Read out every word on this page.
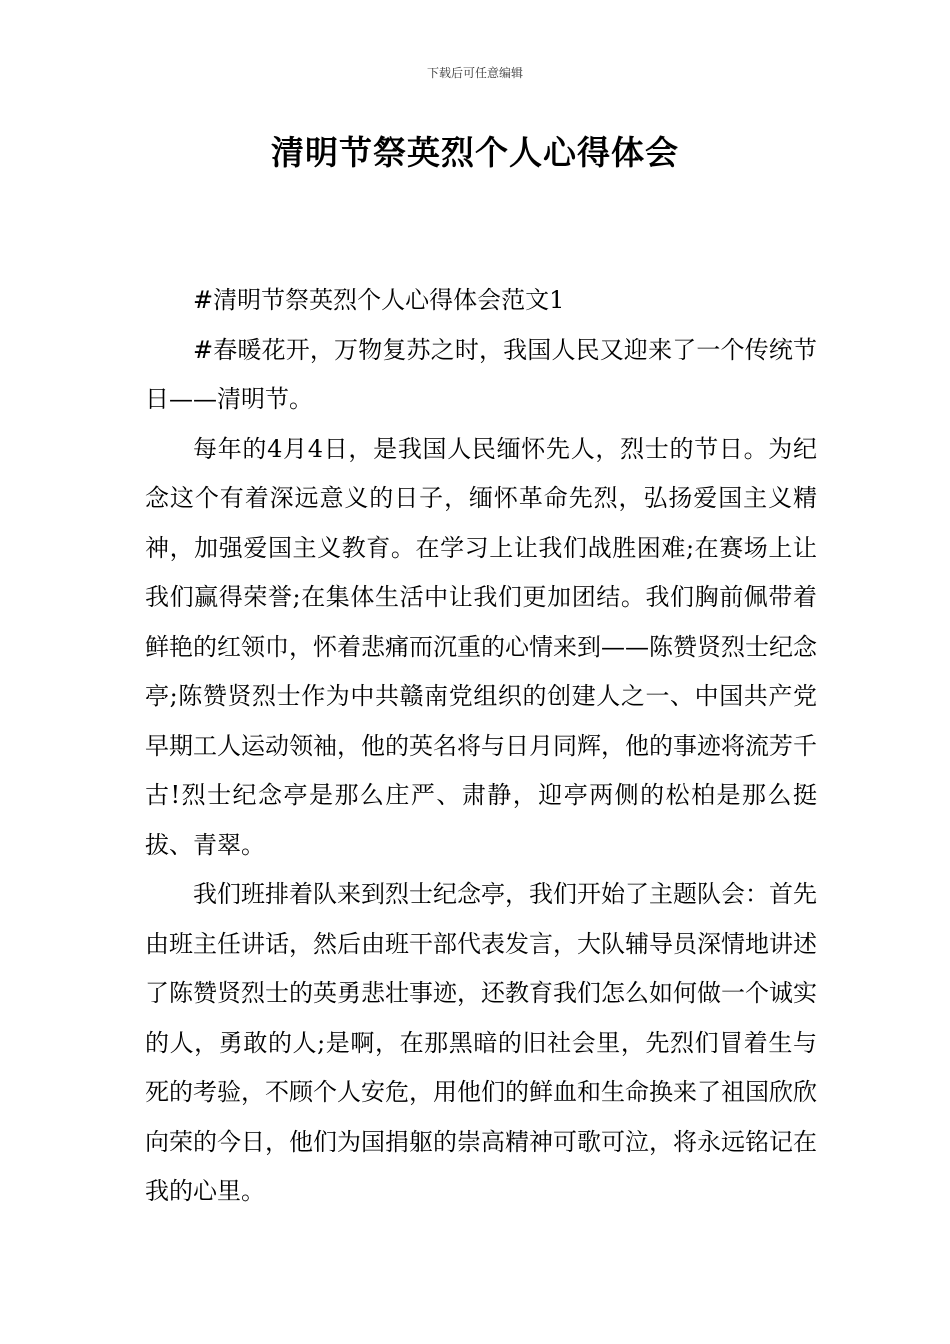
下载后可任意编辑
清明节祭英烈个人心得体会

#清明节祭英烈个人心得体会范文1

#春暖花开，万物复苏之时，我国人民又迎来了一个传统节日——清明节。

每年的4月4日，是我国人民缅怀先人，烈士的节日。为纪念这个有着深远意义的日子，缅怀革命先烈，弘扬爱国主义精神，加强爱国主义教育。在学习上让我们战胜困难;在赛场上让我们赢得荣誉;在集体生活中让我们更加团结。我们胸前佩带着鲜艳的红领巾，怀着悲痛而沉重的心情来到——陈赞贤烈士纪念亭;陈赞贤烈士作为中共赣南党组织的创建人之一、中国共产党早期工人运动领袖，他的英名将与日月同辉，他的事迹将流芳千古!烈士纪念亭是那么庄严、肃静，迎亭两侧的松柏是那么挺拔、青翠。

我们班排着队来到烈士纪念亭，我们开始了主题队会：首先由班主任讲话，然后由班干部代表发言，大队辅导员深情地讲述了陈赞贤烈士的英勇悲壮事迹，还教育我们怎么如何做一个诚实的人，勇敢的人;是啊，在那黑暗的旧社会里，先烈们冒着生与死的考验，不顾个人安危，用他们的鲜血和生命换来了祖国欣欣向荣的今日，他们为国捐躯的崇高精神可歌可泣，将永远铭记在我的心里。
